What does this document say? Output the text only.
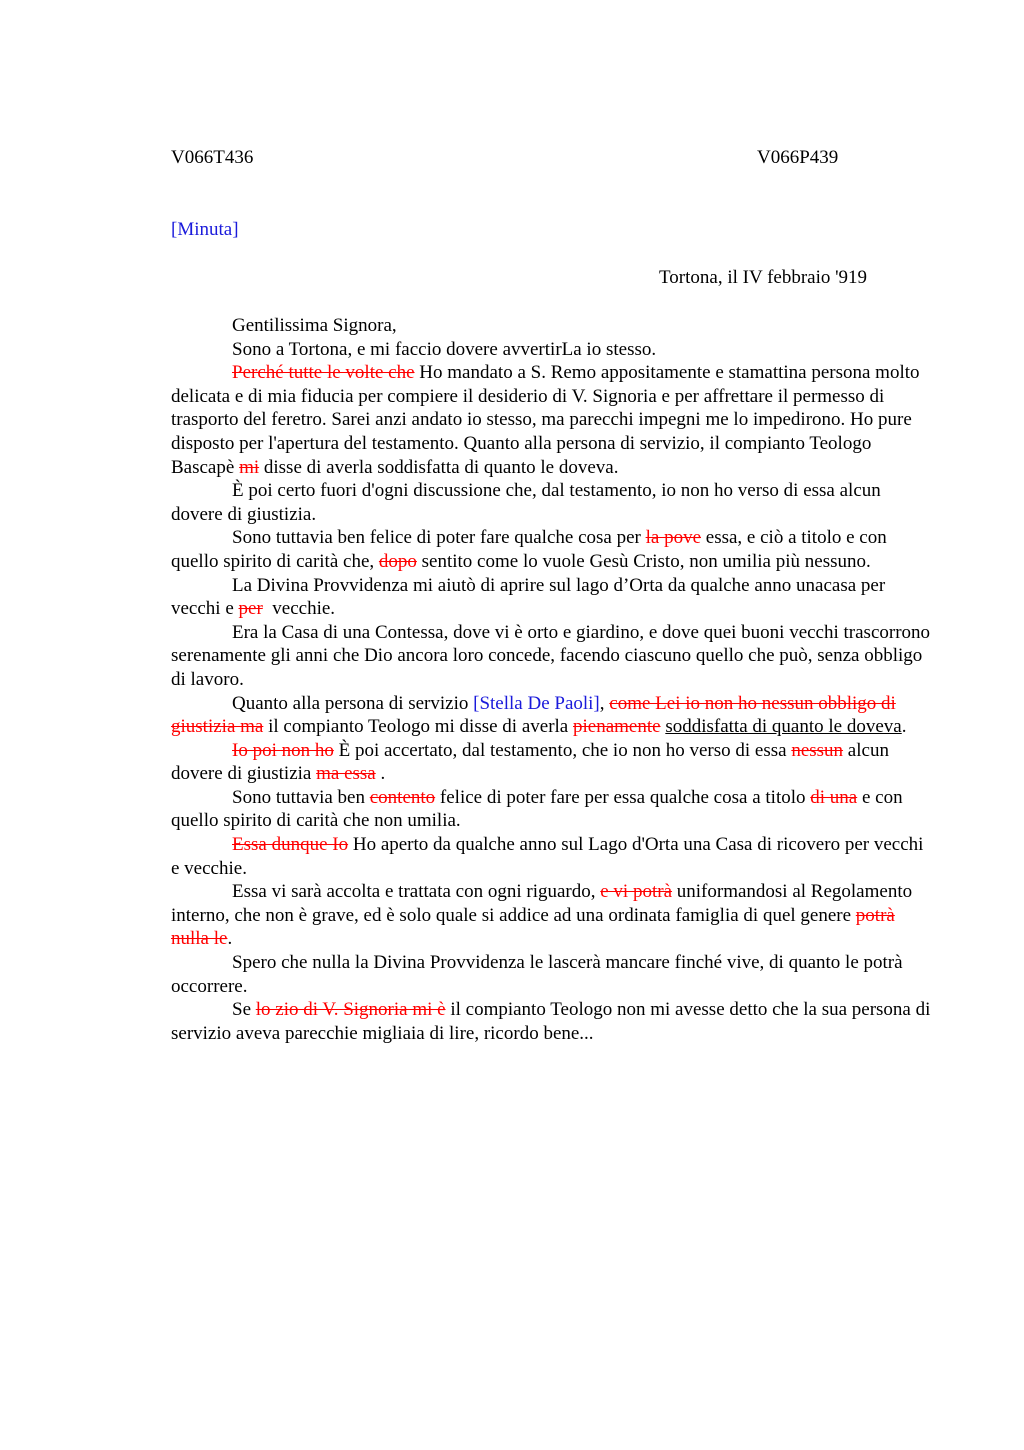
V066T436	V066P439
[Minuta]
Tortona, il IV febbraio '919

Gentilissima Signora,

Sono a Tortona, e mi faccio dovere avvertirLa io stesso.

Perché tutte le volte che Ho mandato a S. Remo appositamente e stamattina persona molto delicata e di mia fiducia per compiere il desiderio di V. Signoria e per affrettare il permesso di trasporto del feretro. Sarei anzi andato io stesso, ma parecchi impegni me lo impedirono. Ho pure disposto per l'apertura del testamento. Quanto alla persona di servizio, il compianto Teologo Bascapè mi disse di averla soddisfatta di quanto le doveva.

È poi certo fuori d'ogni discussione che, dal testamento, io non ho verso di essa alcun dovere di giustizia.

Sono tuttavia ben felice di poter fare qualche cosa per la pove essa, e ciò a titolo e con quello spirito di carità che, dopo sentito come lo vuole Gesù Cristo, non umilia più nessuno.

La Divina Provvidenza mi aiutò di aprire sul lago d’Orta da qualche anno unacasa per vecchi e per  vecchie.

Era la Casa di una Contessa, dove vi è orto e giardino, e dove quei buoni vecchi trascorrono serenamente gli anni che Dio ancora loro concede, facendo ciascuno quello che può, senza obbligo di lavoro.

Quanto alla persona di servizio [Stella De Paoli], come Lei io non ho nessun obbligo di giustizia ma il compianto Teologo mi disse di averla pienamente soddisfatta di quanto le doveva.

Io poi non ho È poi accertato, dal testamento, che io non ho verso di essa nessun alcun dovere di giustizia ma essa .

Sono tuttavia ben contento felice di poter fare per essa qualche cosa a titolo di una e con quello spirito di carità che non umilia.

Essa dunque Io Ho aperto da qualche anno sul Lago d'Orta una Casa di ricovero per vecchi e vecchie.

Essa vi sarà accolta e trattata con ogni riguardo, e vi potrà uniformandosi al Regolamento interno, che non è grave, ed è solo quale si addice ad una ordinata famiglia di quel genere potrà nulla le.

Spero che nulla la Divina Provvidenza le lascerà mancare finché vive, di quanto le potrà occorrere.

Se lo zio di V. Signoria mi è il compianto Teologo non mi avesse detto che la sua persona di servizio aveva parecchie migliaia di lire, ricordo bene...
